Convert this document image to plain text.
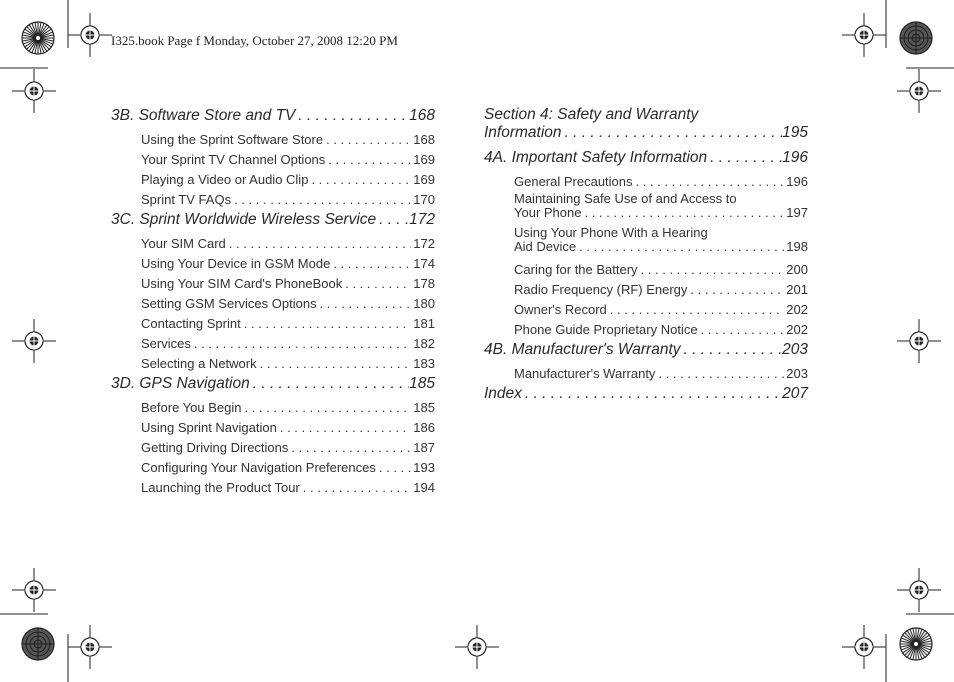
I325.book Page f Monday, October 27, 2008 12:20 PM
3B. Software Store and TV . . .	168
Using the Sprint Software Store . . .	168
Your Sprint TV Channel Options . . .	169
Playing a Video or Audio Clip . . .	169
Sprint TV FAQs . . .	170
3C. Sprint Worldwide Wireless Service . . . 172
Your SIM Card . . .	172
Using Your Device in GSM Mode . . .	174
Using Your SIM Card's PhoneBook . . .	178
Setting GSM Services Options . . .	180
Contacting Sprint . . .	181
Services . . .	182
Selecting a Network . . .	183
3D. GPS Navigation . . .	185
Before You Begin . . .	185
Using Sprint Navigation . . .	186
Getting Driving Directions . . .	187
Configuring Your Navigation Preferences . . .	193
Launching the Product Tour . . .	194
Section 4: Safety and Warranty
Information . . .	195
4A. Important Safety Information . . .	196
General Precautions . . .	196
Maintaining Safe Use of and Access to
Your Phone . . .	197
Using Your Phone With a Hearing
Aid Device . . .	198
Caring for the Battery . . .	200
Radio Frequency (RF) Energy . . .	201
Owner's Record . . .	202
Phone Guide Proprietary Notice . . .	202
4B. Manufacturer's Warranty . . .	203
Manufacturer's Warranty . . .	203
Index . . .	207
